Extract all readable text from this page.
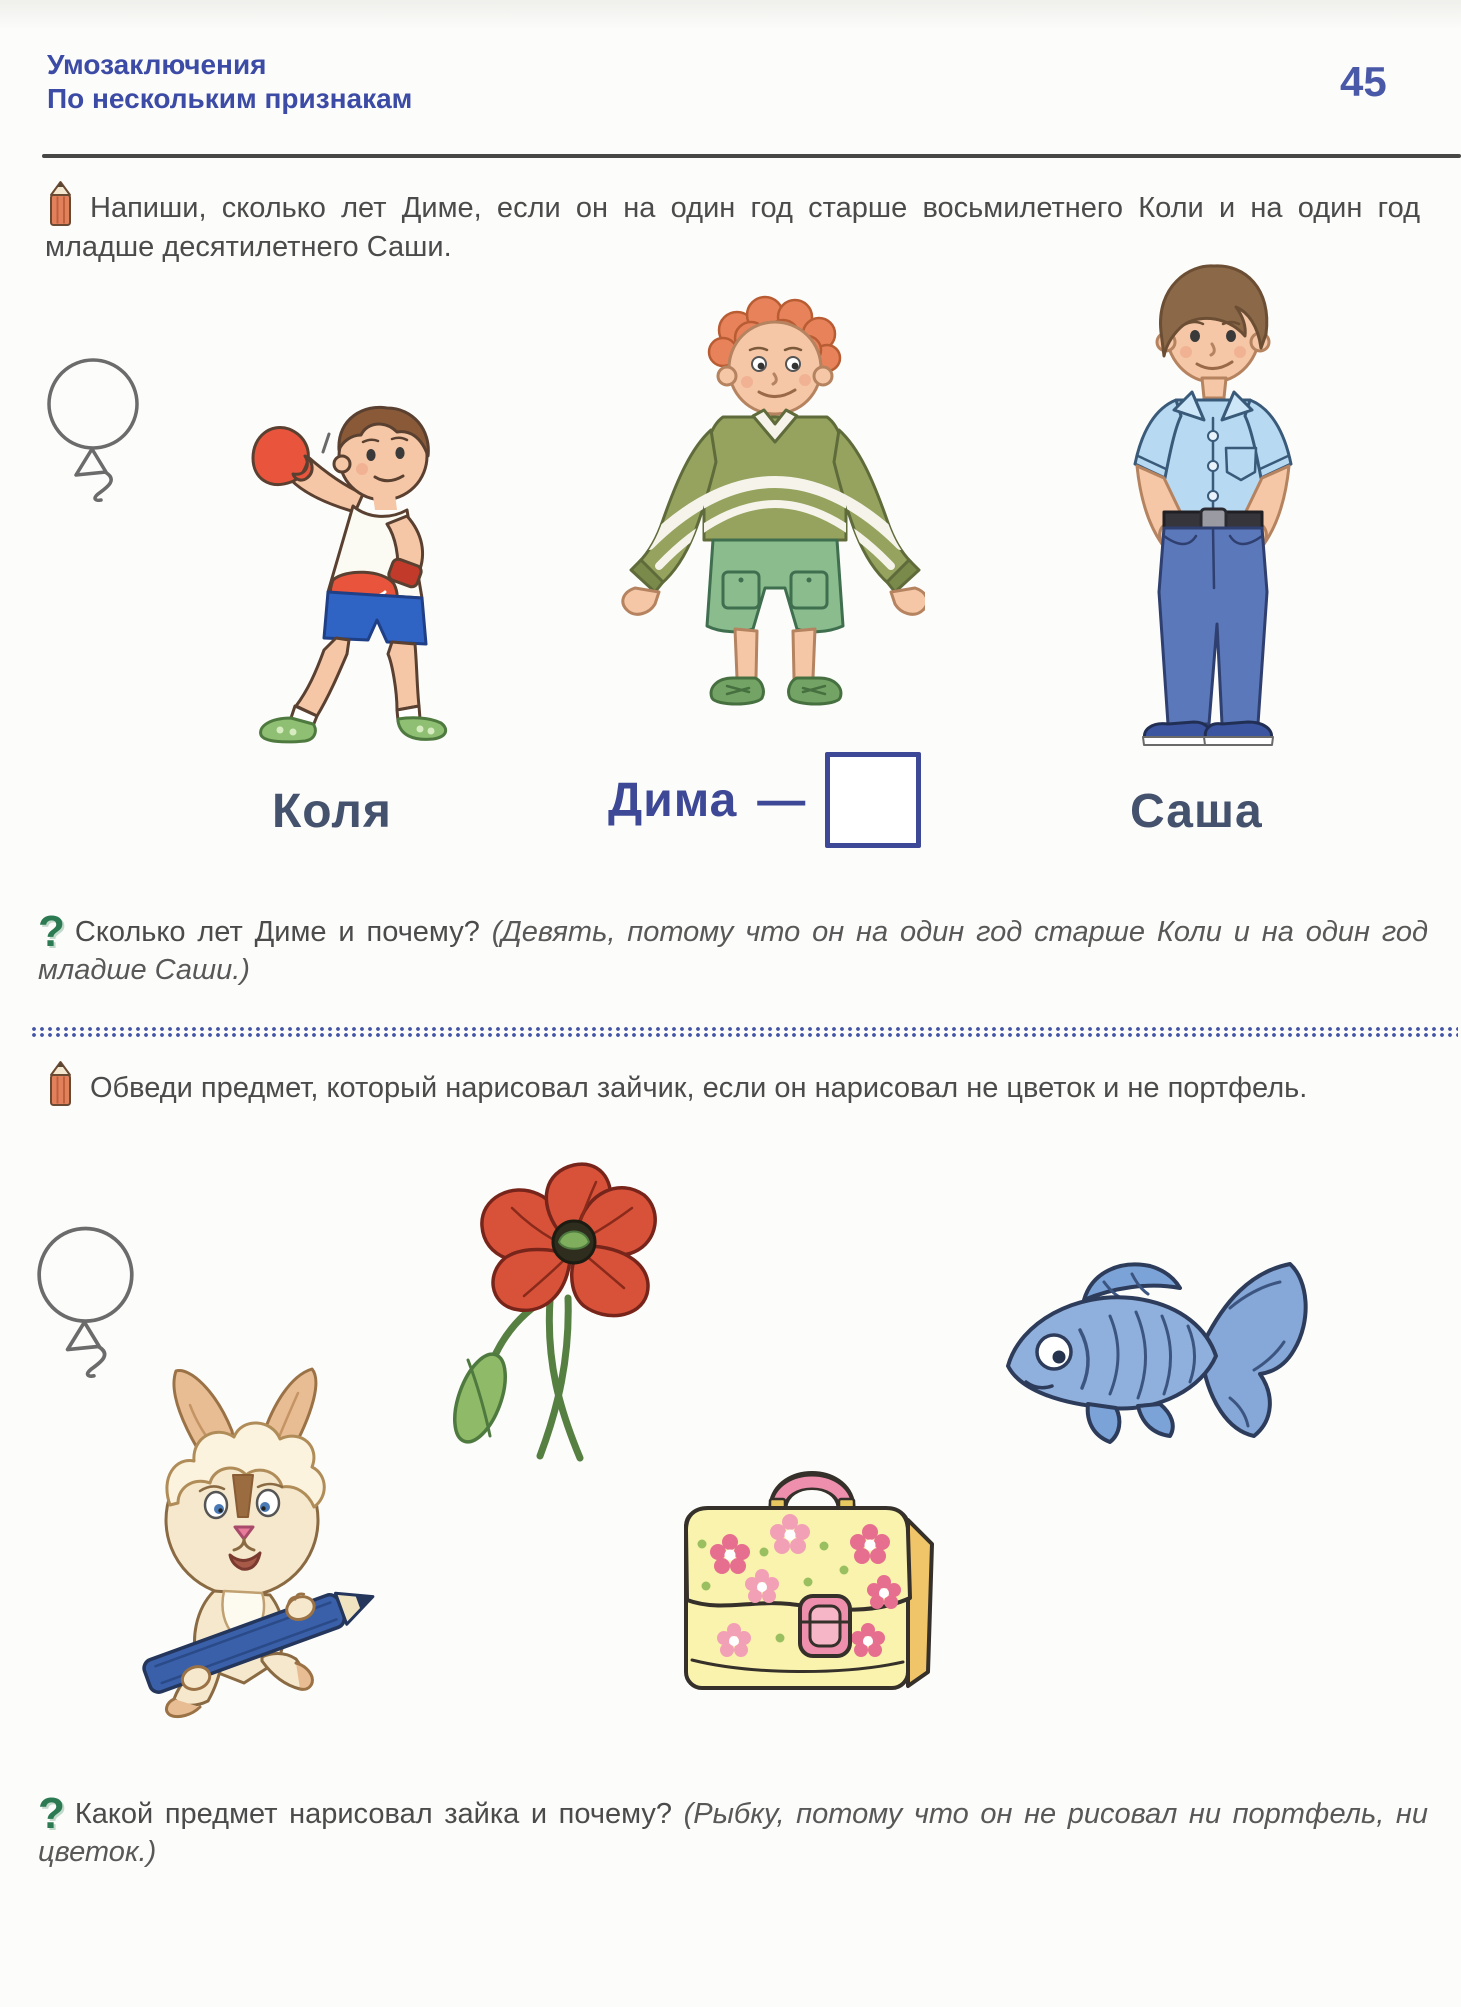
Умозаключения
По нескольким признакам	45

Напиши, сколько лет Диме, если он на один год старше восьмилетнего Коли и на один год младше десятилетнего Саши.

Коля	Дима —	Саша

? Сколько лет Диме и почему? (Девять, потому что он на один год старше Коли и на один год младше Саши.)

Обведи предмет, который нарисовал зайчик, если он нарисовал не цветок и не портфель.

? Какой предмет нарисовал зайка и почему? (Рыбку, потому что он не рисовал ни портфель, ни цветок.)
